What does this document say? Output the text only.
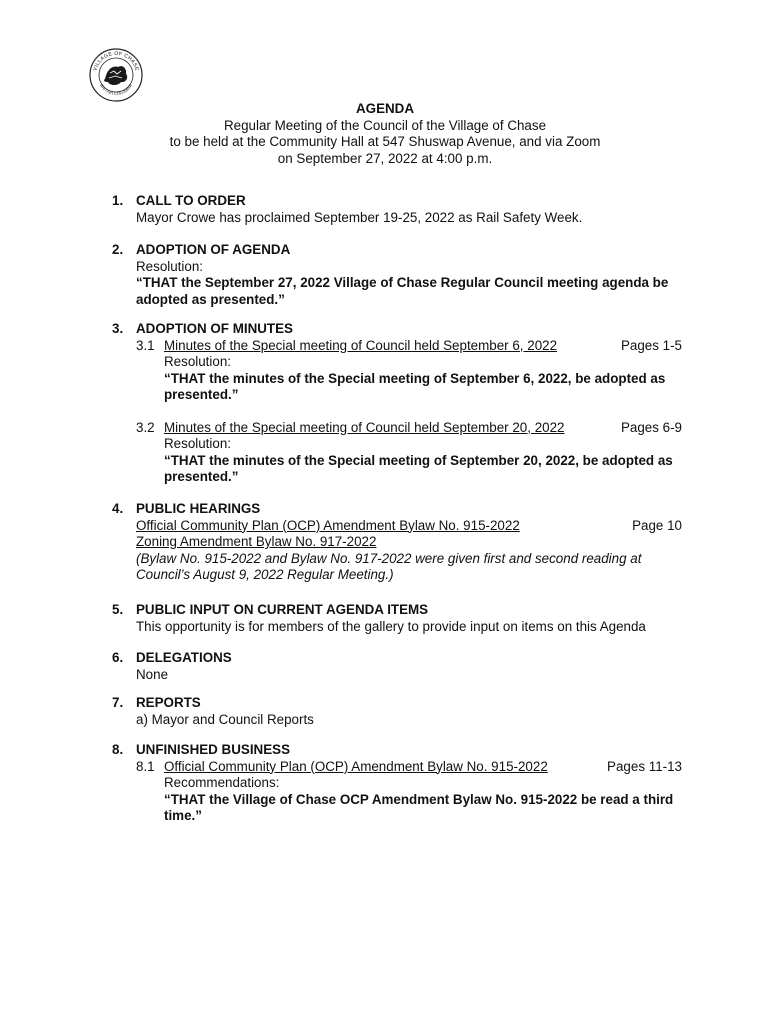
VILLAGE OF CHASE
BRITISH COLUMBIA
AGENDA
Regular Meeting of the Council of the Village of Chase
to be held at the Community Hall at 547 Shuswap Avenue, and via Zoom
on September 27, 2022 at 4:00 p.m.
1. CALL TO ORDER
Mayor Crowe has proclaimed September 19-25, 2022 as Rail Safety Week.
2. ADOPTION OF AGENDA
Resolution:
“THAT the September 27, 2022 Village of Chase Regular Council meeting agenda be adopted as presented.”
3. ADOPTION OF MINUTES
3.1 Minutes of the Special meeting of Council held September 6, 2022	Pages 1-5
Resolution:
“THAT the minutes of the Special meeting of September 6, 2022, be adopted as presented.”
3.2 Minutes of the Special meeting of Council held September 20, 2022	Pages 6-9
Resolution:
“THAT the minutes of the Special meeting of September 20, 2022, be adopted as presented.”
4. PUBLIC HEARINGS
Official Community Plan (OCP) Amendment Bylaw No. 915-2022	Page 10
Zoning Amendment Bylaw No. 917-2022
(Bylaw No. 915-2022 and Bylaw No. 917-2022 were given first and second reading at Council’s August 9, 2022 Regular Meeting.)
5. PUBLIC INPUT ON CURRENT AGENDA ITEMS
This opportunity is for members of the gallery to provide input on items on this Agenda
6. DELEGATIONS
None
7. REPORTS
a) Mayor and Council Reports
8. UNFINISHED BUSINESS
8.1 Official Community Plan (OCP) Amendment Bylaw No. 915-2022	Pages 11-13
Recommendations:
“THAT the Village of Chase OCP Amendment Bylaw No. 915-2022 be read a third time.”
